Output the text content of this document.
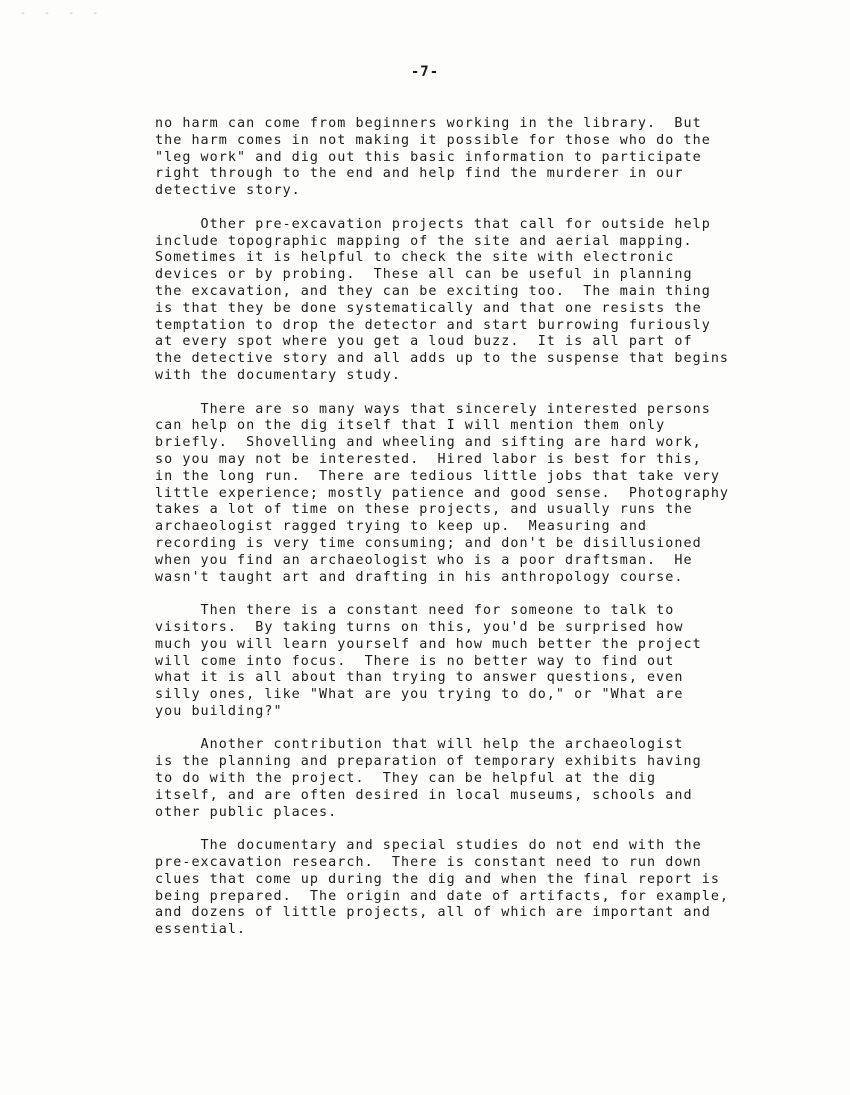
- - - -
-7-
no harm can come from beginners working in the library.  But
the harm comes in not making it possible for those who do the
"leg work" and dig out this basic information to participate
right through to the end and help find the murderer in our
detective story.
Other pre-excavation projects that call for outside help
include topographic mapping of the site and aerial mapping.
Sometimes it is helpful to check the site with electronic
devices or by probing.  These all can be useful in planning
the excavation, and they can be exciting too.  The main thing
is that they be done systematically and that one resists the
temptation to drop the detector and start burrowing furiously
at every spot where you get a loud buzz.  It is all part of
the detective story and all adds up to the suspense that begins
with the documentary study.
There are so many ways that sincerely interested persons
can help on the dig itself that I will mention them only
briefly.  Shovelling and wheeling and sifting are hard work,
so you may not be interested.  Hired labor is best for this,
in the long run.  There are tedious little jobs that take very
little experience; mostly patience and good sense.  Photography
takes a lot of time on these projects, and usually runs the
archaeologist ragged trying to keep up.  Measuring and
recording is very time consuming; and don't be disillusioned
when you find an archaeologist who is a poor draftsman.  He
wasn't taught art and drafting in his anthropology course.
Then there is a constant need for someone to talk to
visitors.  By taking turns on this, you'd be surprised how
much you will learn yourself and how much better the project
will come into focus.  There is no better way to find out
what it is all about than trying to answer questions, even
silly ones, like "What are you trying to do," or "What are
you building?"
Another contribution that will help the archaeologist
is the planning and preparation of temporary exhibits having
to do with the project.  They can be helpful at the dig
itself, and are often desired in local museums, schools and
other public places.
The documentary and special studies do not end with the
pre-excavation research.  There is constant need to run down
clues that come up during the dig and when the final report is
being prepared.  The origin and date of artifacts, for example,
and dozens of little projects, all of which are important and
essential.
